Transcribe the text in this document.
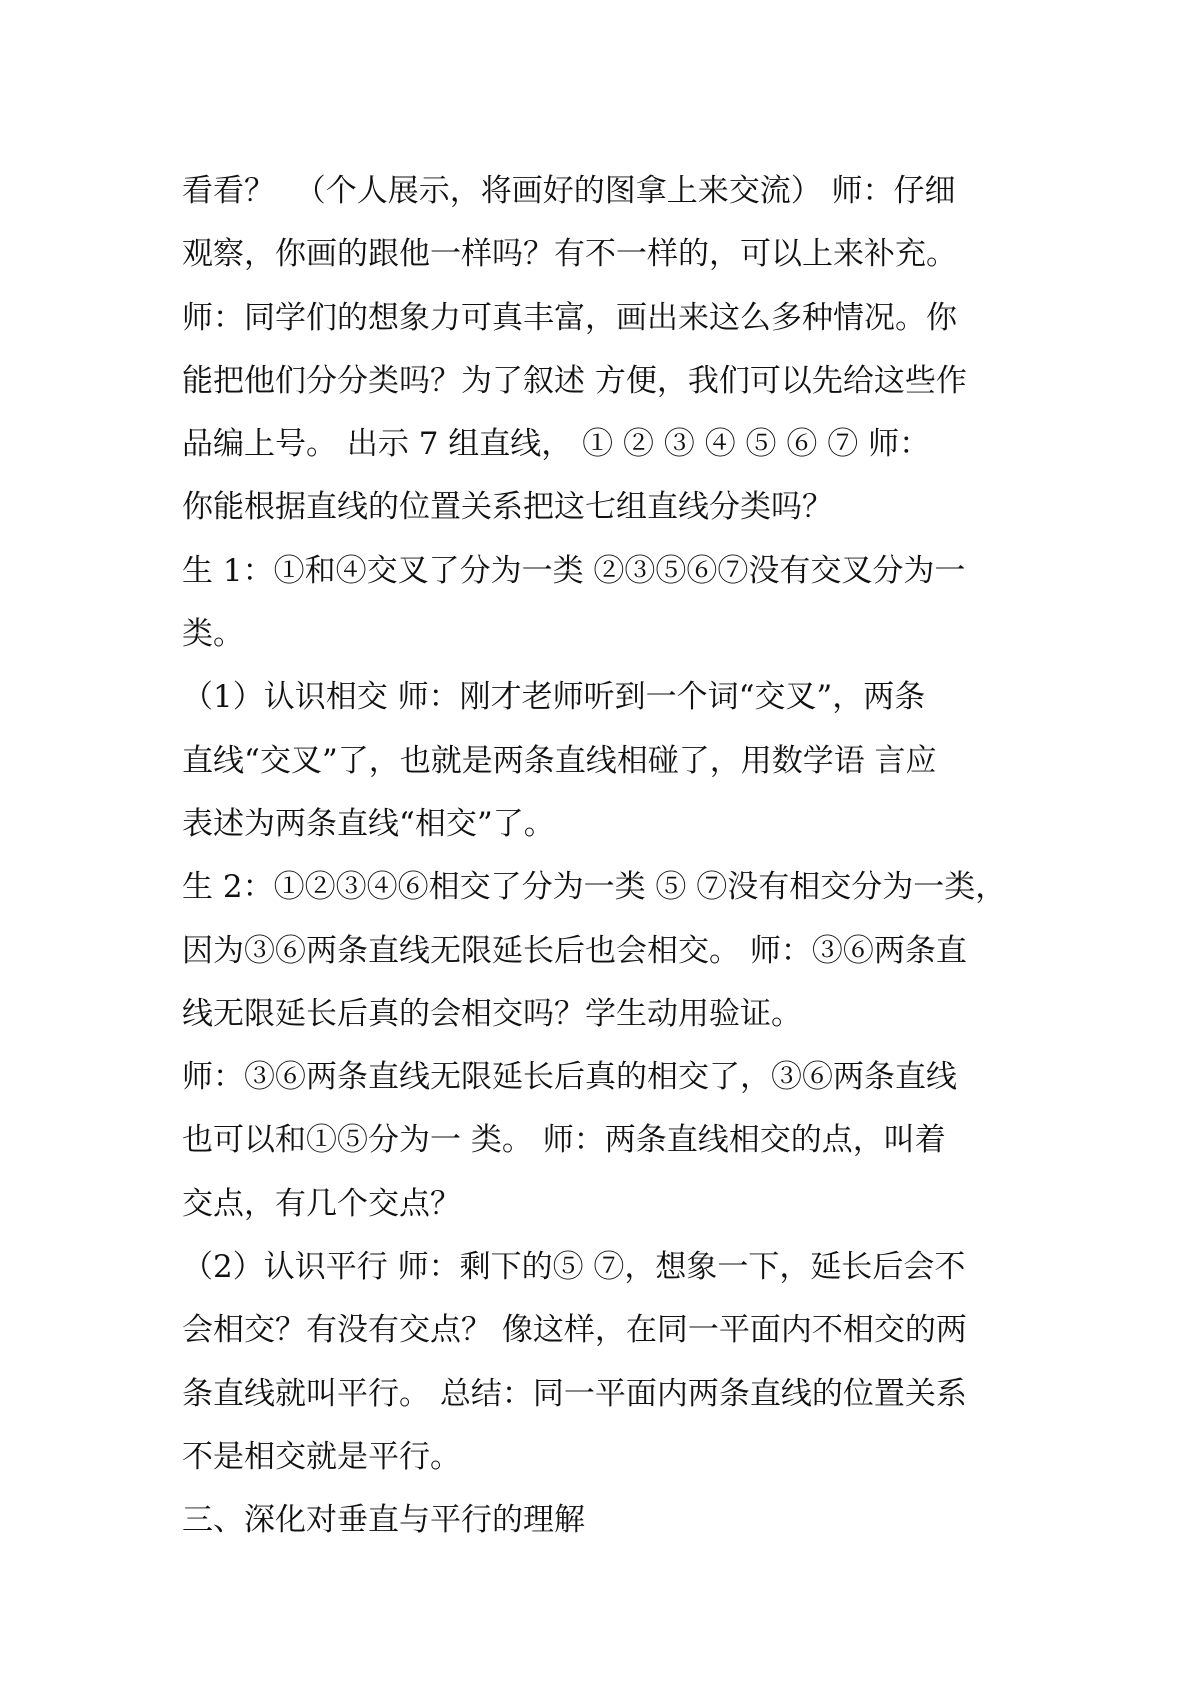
看看？  （个人展示，将画好的图拿上来交流） 师：仔细
观察，你画的跟他一样吗？有不一样的，可以上来补充。
师：同学们的想象力可真丰富，画出来这么多种情况。你
能把他们分分类吗？为了叙述 方便，我们可以先给这些作
品编上号。 出示 7 组直线， ① ② ③ ④ ⑤ ⑥ ⑦ 师：
你能根据直线的位置关系把这七组直线分类吗？
生 1：①和④交叉了分为一类 ②③⑤⑥⑦没有交叉分为一
类。
（1）认识相交 师：刚才老师听到一个词“交叉”，两条
直线“交叉”了，也就是两条直线相碰了，用数学语 言应
表述为两条直线“相交”了。
生 2：①②③④⑥相交了分为一类 ⑤ ⑦没有相交分为一类，
因为③⑥两条直线无限延长后也会相交。 师：③⑥两条直
线无限延长后真的会相交吗？学生动用验证。
师：③⑥两条直线无限延长后真的相交了，③⑥两条直线
也可以和①⑤分为一 类。 师：两条直线相交的点，叫着
交点，有几个交点？
（2）认识平行 师：剩下的⑤ ⑦，想象一下，延长后会不
会相交？有没有交点？ 像这样，在同一平面内不相交的两
条直线就叫平行。 总结：同一平面内两条直线的位置关系
不是相交就是平行。
三、深化对垂直与平行的理解
